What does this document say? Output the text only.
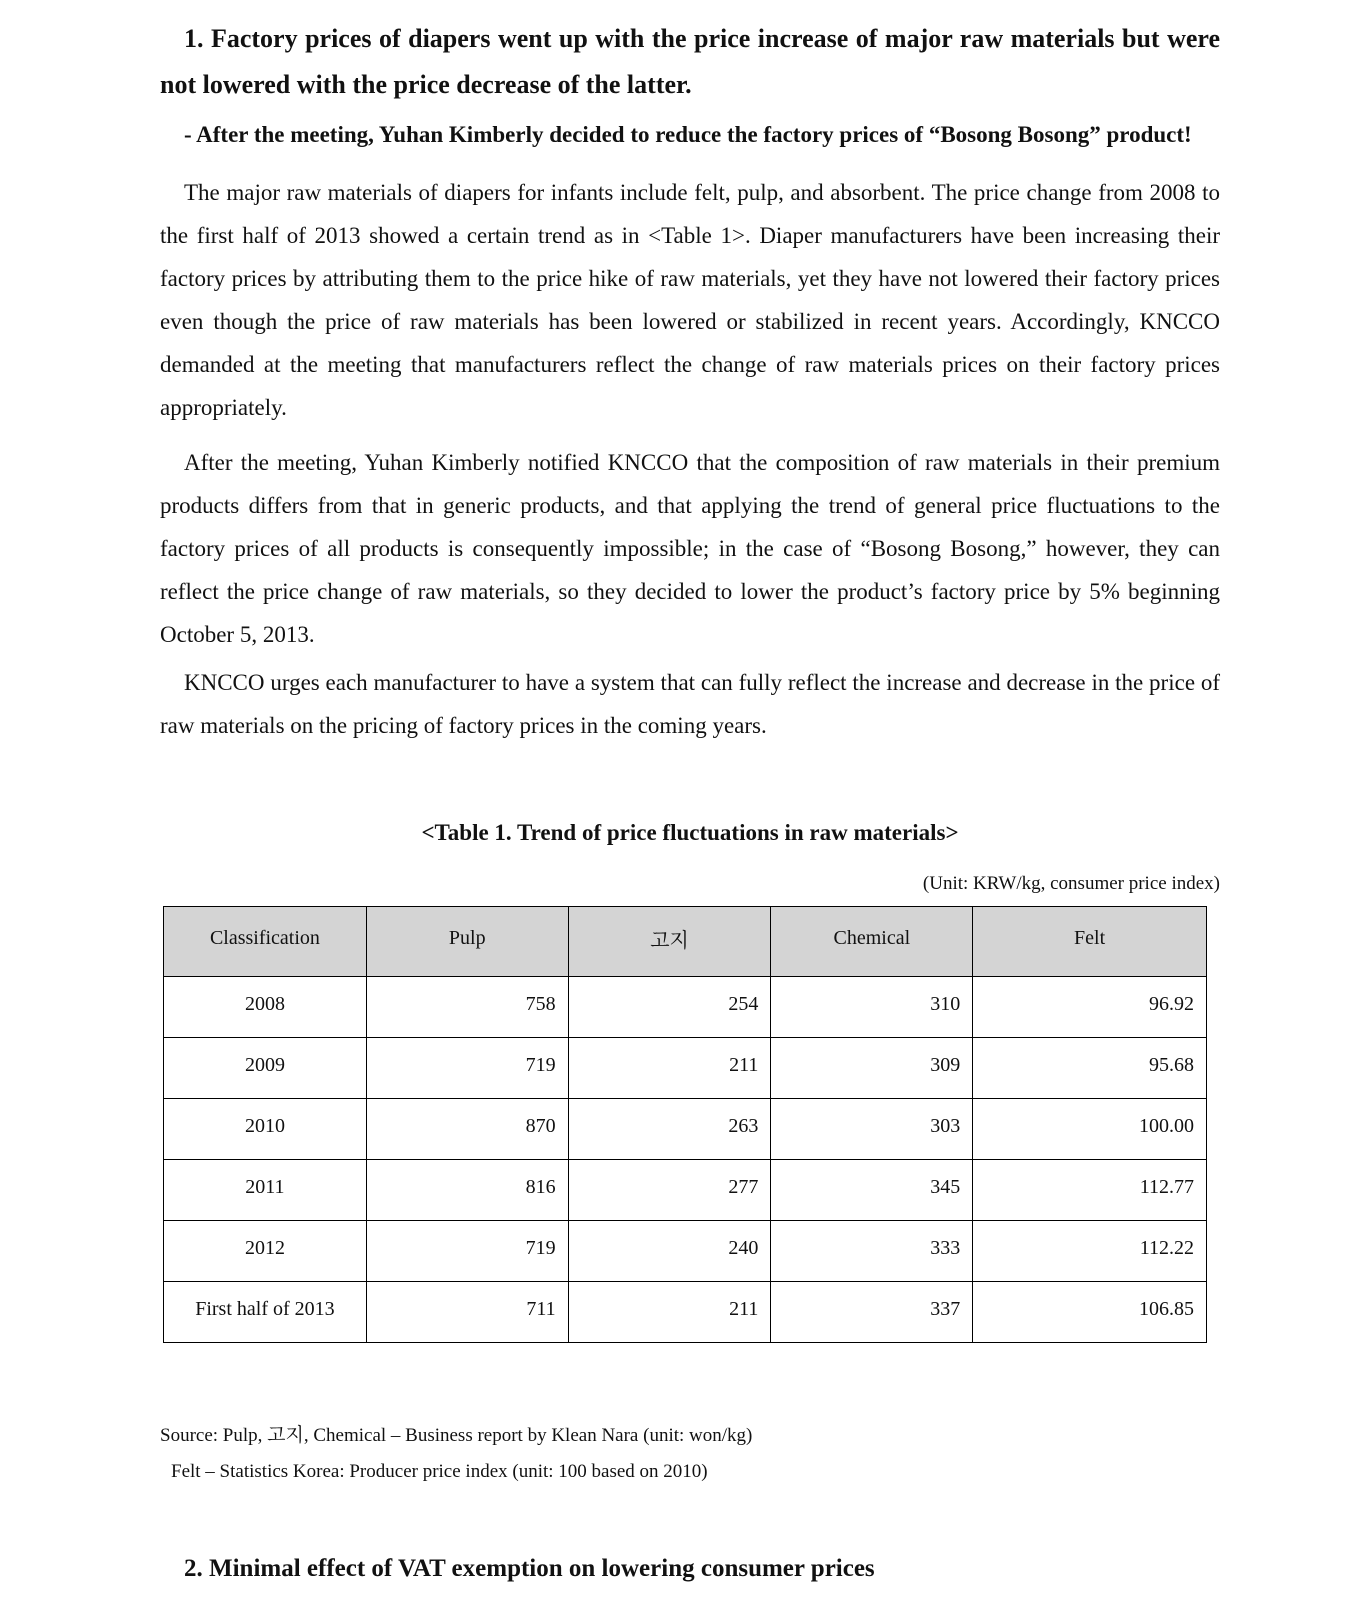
1. Factory prices of diapers went up with the price increase of major raw materials but were not lowered with the price decrease of the latter.
- After the meeting, Yuhan Kimberly decided to reduce the factory prices of “Bosong Bosong” product!
The major raw materials of diapers for infants include felt, pulp, and absorbent. The price change from 2008 to the first half of 2013 showed a certain trend as in <Table 1>. Diaper manufacturers have been increasing their factory prices by attributing them to the price hike of raw materials, yet they have not lowered their factory prices even though the price of raw materials has been lowered or stabilized in recent years. Accordingly, KNCCO demanded at the meeting that manufacturers reflect the change of raw materials prices on their factory prices appropriately.
After the meeting, Yuhan Kimberly notified KNCCO that the composition of raw materials in their premium products differs from that in generic products, and that applying the trend of general price fluctuations to the factory prices of all products is consequently impossible; in the case of “Bosong Bosong,” however, they can reflect the price change of raw materials, so they decided to lower the product’s factory price by 5% beginning October 5, 2013.
KNCCO urges each manufacturer to have a system that can fully reflect the increase and decrease in the price of raw materials on the pricing of factory prices in the coming years.
<Table 1. Trend of price fluctuations in raw materials>
(Unit: KRW/kg, consumer price index)
Classification	Pulp	고지	Chemical	Felt
2008	758	254	310	96.92
2009	719	211	309	95.68
2010	870	263	303	100.00
2011	816	277	345	112.77
2012	719	240	333	112.22
First half of 2013	711	211	337	106.85
Source: Pulp, 고지, Chemical – Business report by Klean Nara (unit: won/kg)
Felt – Statistics Korea: Producer price index (unit: 100 based on 2010)
2. Minimal effect of VAT exemption on lowering consumer prices
